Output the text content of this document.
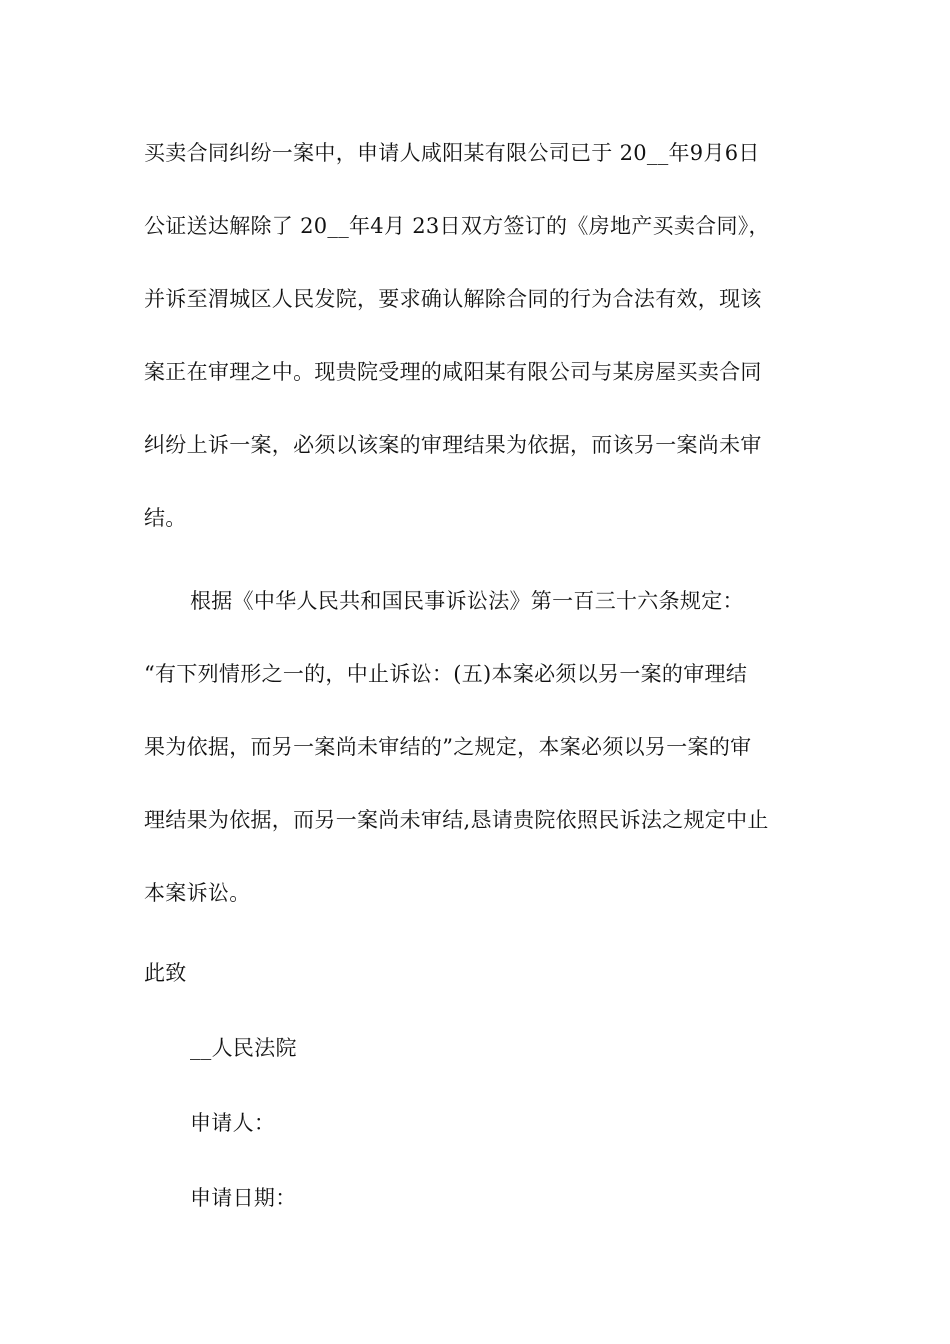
买卖合同纠纷一案中，申请人咸阳某有限公司已于 20__年9月6日
公证送达解除了 20__年4月 23日双方签订的《房地产买卖合同》，
并诉至渭城区人民发院，要求确认解除合同的行为合法有效，现该
案正在审理之中。现贵院受理的咸阳某有限公司与某房屋买卖合同
纠纷上诉一案，必须以该案的审理结果为依据，而该另一案尚未审
结。
根据《中华人民共和国民事诉讼法》第一百三十六条规定：
“有下列情形之一的，中止诉讼：(五)本案必须以另一案的审理结
果为依据，而另一案尚未审结的”之规定，本案必须以另一案的审
理结果为依据，而另一案尚未审结,恳请贵院依照民诉法之规定中止
本案诉讼。
此致
__人民法院
申请人：
申请日期：
